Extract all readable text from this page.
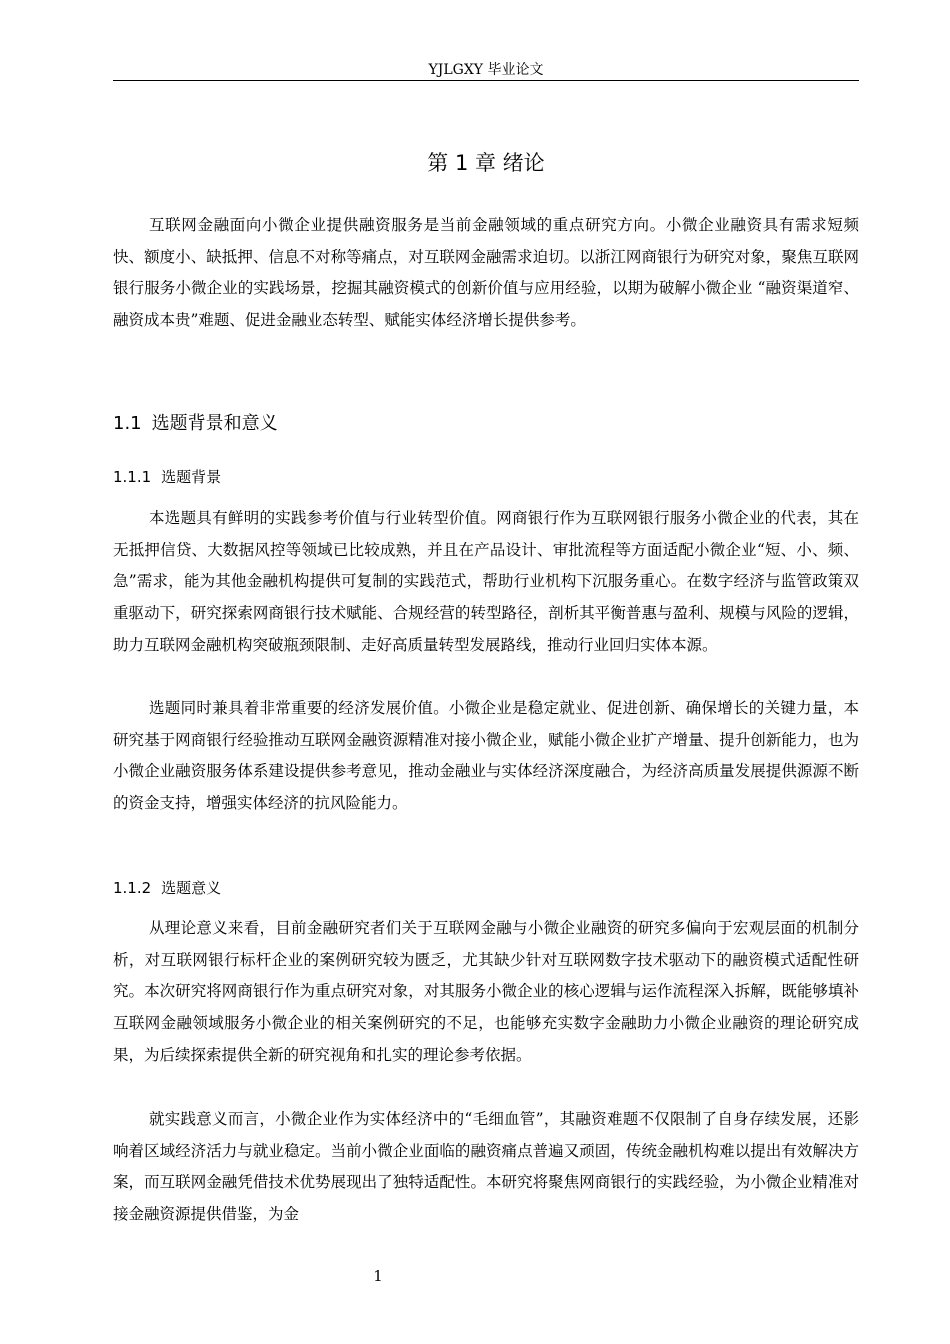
YJLGXY 毕业论文
第 1 章 绪论

互联网金融面向小微企业提供融资服务是当前金融领域的重点研究方向。小微企业融资具有需求短频快、额度小、缺抵押、信息不对称等痛点，对互联网金融需求迫切。以浙江网商银行为研究对象，聚焦互联网银行服务小微企业的实践场景，挖掘其融资模式的创新价值与应用经验，以期为破解小微企业 “融资渠道窄、融资成本贵”难题、促进金融业态转型、赋能实体经济增长提供参考。

1.1 选题背景和意义
1.1.1 选题背景

本选题具有鲜明的实践参考价值与行业转型价值。网商银行作为互联网银行服务小微企业的代表，其在无抵押信贷、大数据风控等领域已比较成熟，并且在产品设计、审批流程等方面适配小微企业“短、小、频、急”需求，能为其他金融机构提供可复制的实践范式，帮助行业机构下沉服务重心。在数字经济与监管政策双重驱动下，研究探索网商银行技术赋能、合规经营的转型路径，剖析其平衡普惠与盈利、规模与风险的逻辑，助力互联网金融机构突破瓶颈限制、走好高质量转型发展路线，推动行业回归实体本源。

选题同时兼具着非常重要的经济发展价值。小微企业是稳定就业、促进创新、确保增长的关键力量，本研究基于网商银行经验推动互联网金融资源精准对接小微企业，赋能小微企业扩产增量、提升创新能力，也为小微企业融资服务体系建设提供参考意见，推动金融业与实体经济深度融合，为经济高质量发展提供源源不断的资金支持，增强实体经济的抗风险能力。

1.1.2 选题意义

从理论意义来看，目前金融研究者们关于互联网金融与小微企业融资的研究多偏向于宏观层面的机制分析，对互联网银行标杆企业的案例研究较为匮乏，尤其缺少针对互联网数字技术驱动下的融资模式适配性研究。本次研究将网商银行作为重点研究对象，对其服务小微企业的核心逻辑与运作流程深入拆解，既能够填补互联网金融领域服务小微企业的相关案例研究的不足，也能够充实数字金融助力小微企业融资的理论研究成果，为后续探索提供全新的研究视角和扎实的理论参考依据。

就实践意义而言，小微企业作为实体经济中的“毛细血管”，其融资难题不仅限制了自身存续发展，还影响着区域经济活力与就业稳定。当前小微企业面临的融资痛点普遍又顽固，传统金融机构难以提出有效解决方案，而互联网金融凭借技术优势展现出了独特适配性。本研究将聚焦网商银行的实践经验，为小微企业精准对接金融资源提供借鉴，为金

1
